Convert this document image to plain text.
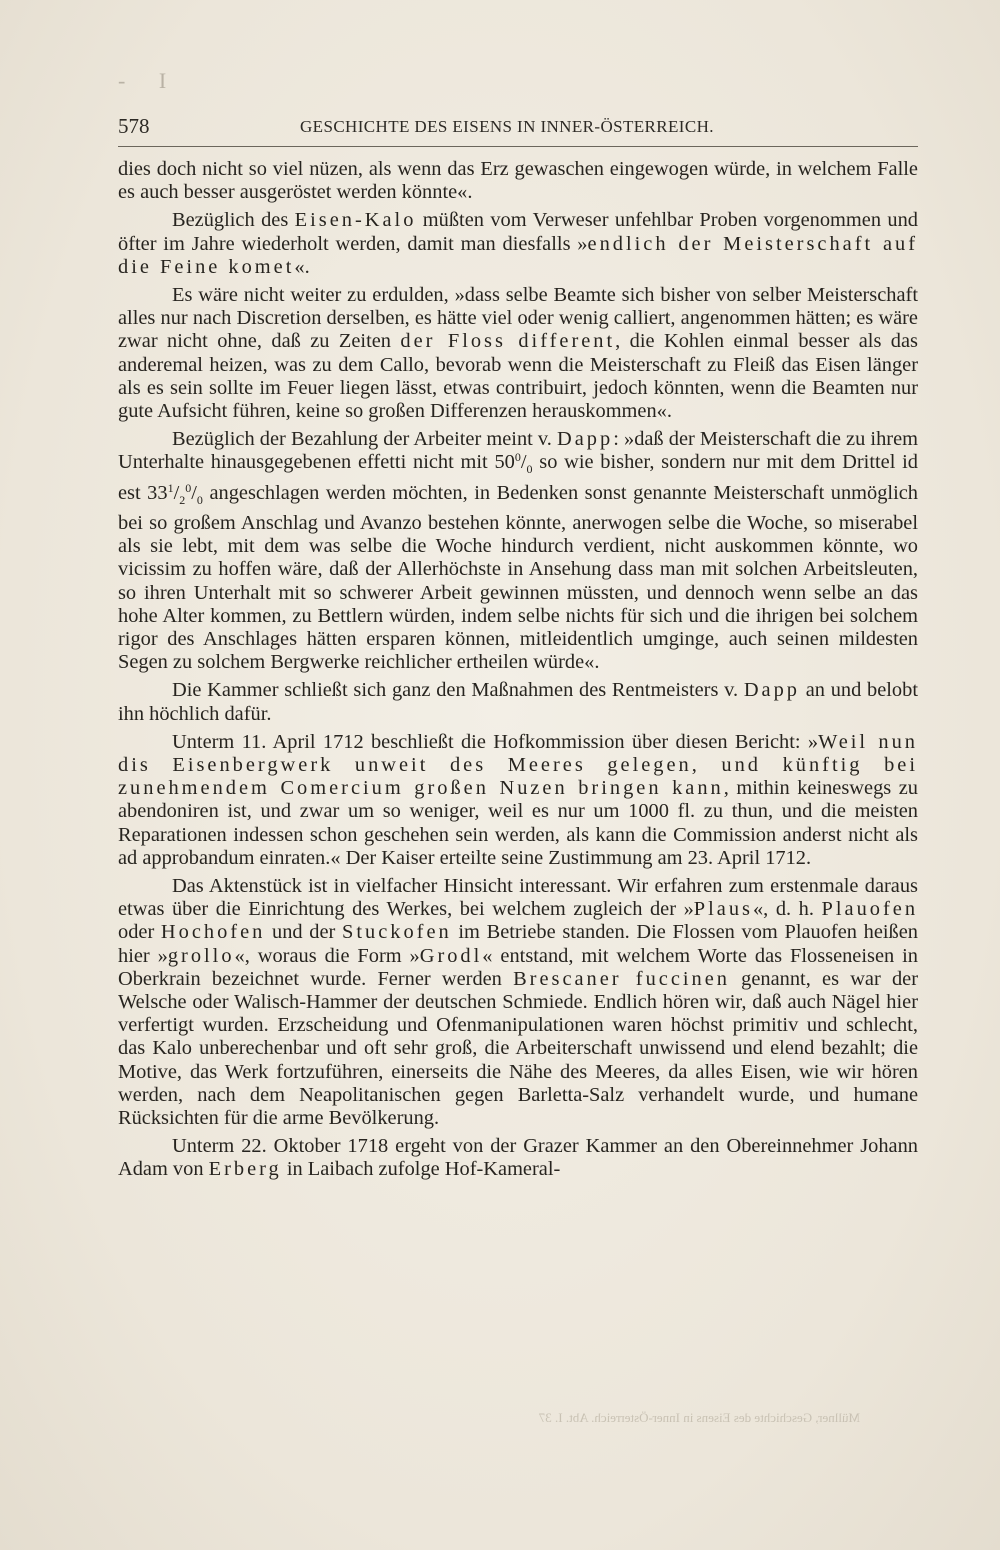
- I
578	GESCHICHTE DES EISENS IN INNER-ÖSTERREICH.

dies doch nicht so viel nüzen, als wenn das Erz gewaschen eingewogen würde, in welchem Falle es auch besser ausgeröstet werden könnte«.

Bezüglich des Eisen-Kalo müßten vom Verweser unfehlbar Proben vorgenommen und öfter im Jahre wiederholt werden, damit man diesfalls »endlich der Meisterschaft auf die Feine komet«.

Es wäre nicht weiter zu erdulden, »dass selbe Beamte sich bisher von selber Meisterschaft alles nur nach Discretion derselben, es hätte viel oder wenig calliert, angenommen hätten; es wäre zwar nicht ohne, daß zu Zeiten der Floss different, die Kohlen einmal besser als das anderemal heizen, was zu dem Callo, bevorab wenn die Meisterschaft zu Fleiß das Eisen länger als es sein sollte im Feuer liegen lässt, etwas contribuirt, jedoch könnten, wenn die Beamten nur gute Aufsicht führen, keine so großen Differenzen herauskommen«.

Bezüglich der Bezahlung der Arbeiter meint v. Dapp: »daß der Meisterschaft die zu ihrem Unterhalte hinausgegebenen effetti nicht mit $50^0/_0$ so wie bisher, sondern nur mit dem Drittel id est $33^1/_2^0/_0$ angeschlagen werden möchten, in Bedenken sonst genannte Meisterschaft unmöglich bei so großem Anschlag und Avanzo bestehen könnte, anerwogen selbe die Woche, so miserabel als sie lebt, mit dem was selbe die Woche hindurch verdient, nicht auskommen könnte, wo vicissim zu hoffen wäre, daß der Allerhöchste in Ansehung dass man mit solchen Arbeitsleuten, so ihren Unterhalt mit so schwerer Arbeit gewinnen müssten, und dennoch wenn selbe an das hohe Alter kommen, zu Bettlern würden, indem selbe nichts für sich und die ihrigen bei solchem rigor des Anschlages hätten ersparen können, mitleidentlich umginge, auch seinen mildesten Segen zu solchem Bergwerke reichlicher ertheilen würde«.

Die Kammer schließt sich ganz den Maßnahmen des Rentmeisters v. Dapp an und belobt ihn höchlich dafür.

Unterm 11. April 1712 beschließt die Hofkommission über diesen Bericht: »Weil nun dis Eisenbergwerk unweit des Meeres gelegen, und künftig bei zunehmendem Comercium großen Nuzen bringen kann, mithin keineswegs zu abendoniren ist, und zwar um so weniger, weil es nur um 1000 fl. zu thun, und die meisten Reparationen indessen schon geschehen sein werden, als kann die Commission anderst nicht als ad approbandum einraten.« Der Kaiser erteilte seine Zustimmung am 23. April 1712.

Das Aktenstück ist in vielfacher Hinsicht interessant. Wir erfahren zum erstenmale daraus etwas über die Einrichtung des Werkes, bei welchem zugleich der »Plaus«, d. h. Plauofen oder Hochofen und der Stuckofen im Betriebe standen. Die Flossen vom Plauofen heißen hier »grollo«, woraus die Form »Grodl« entstand, mit welchem Worte das Flosseneisen in Oberkrain bezeichnet wurde. Ferner werden Brescaner fuccinen genannt, es war der Welsche oder Walisch-Hammer der deutschen Schmiede. Endlich hören wir, daß auch Nägel hier verfertigt wurden. Erzscheidung und Ofenmanipulationen waren höchst primitiv und schlecht, das Kalo unberechenbar und oft sehr groß, die Arbeiterschaft unwissend und elend bezahlt; die Motive, das Werk fortzuführen, einerseits die Nähe des Meeres, da alles Eisen, wie wir hören werden, nach dem Neapolitanischen gegen Barletta-Salz verhandelt wurde, und humane Rücksichten für die arme Bevölkerung.

Unterm 22. Oktober 1718 ergeht von der Grazer Kammer an den Obereinnehmer Johann Adam von Erberg in Laibach zufolge Hof-Kameral-

Müllner, Geschichte des Eisens in Inner-Österreich. Abt. I. 37
